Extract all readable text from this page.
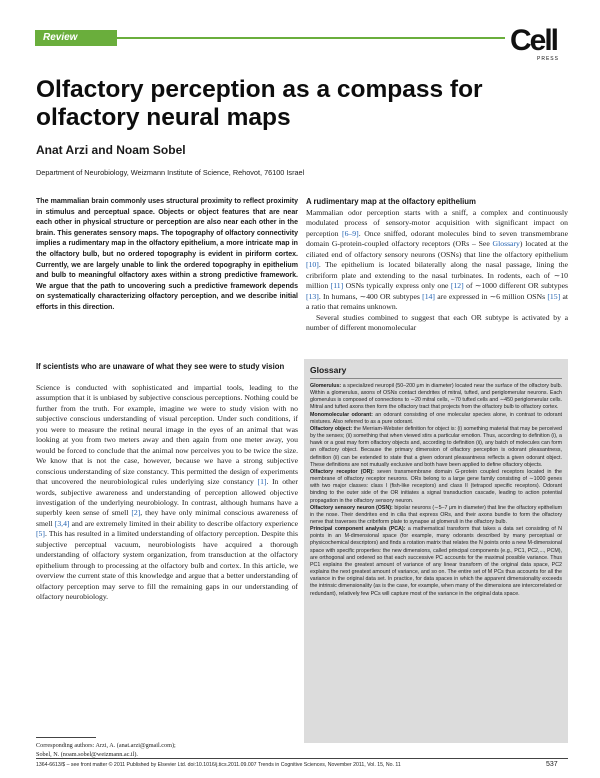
Review	Cell
PRESS
Olfactory perception as a compass for olfactory neural maps
Anat Arzi and Noam Sobel
Department of Neurobiology, Weizmann Institute of Science, Rehovot, 76100 Israel
The mammalian brain commonly uses structural proximity to reflect proximity in stimulus and perceptual space. Objects or object features that are near each other in physical structure or perception are also near each other in the brain. This generates sensory maps. The topography of olfactory connectivity implies a rudimentary map in the olfactory epithelium, a more intricate map in the olfactory bulb, but no ordered topography is evident in piriform cortex. Currently, we are largely unable to link the ordered topography in epithelium and bulb to meaningful olfactory axes within a strong predictive framework. We argue that the path to uncovering such a predictive framework depends on systematically characterizing olfactory perception, and we describe initial efforts in this direction.
If scientists who are unaware of what they see were to study vision
Science is conducted with sophisticated and impartial tools, leading to the assumption that it is unbiased by subjective conscious perceptions. Nothing could be further from the truth. For example, imagine we were to study vision with no subjective conscious understanding of visual perception. Under such conditions, if you were to measure the retinal neural image in the eyes of an animal that was looking at you from two meters away and then again from one meter away, you would be forced to conclude that the animal now perceives you to be twice the size. We know that is not the case, however, because we have a strong subjective conscious understanding of size constancy. This permitted the design of experiments that uncovered the neurobiological rules underlying size constancy [1]. In other words, subjective awareness and understanding of perception allowed objective investigation of the underlying neurobiology. In contrast, although humans have a superbly keen sense of smell [2], they have only minimal conscious awareness of smell [3,4] and are extremely limited in their ability to describe olfactory experience [5]. This has resulted in a limited understanding of olfactory perception. Despite this subjective perceptual vacuum, neurobiologists have acquired a thorough understanding of olfactory system organization, from transduction at the olfactory epithelium through to processing at the olfactory bulb and cortex. In this article, we overview the current state of this knowledge and argue that a better understanding of olfactory perception may serve to fill the remaining gaps in our understanding of olfactory neurobiology.
A rudimentary map at the olfactory epithelium
Mammalian odor perception starts with a sniff, a complex and continuously modulated process of sensory-motor acquisition with significant impact on perception [6–9]. Once sniffed, odorant molecules bind to seven transmembrane domain G-protein-coupled olfactory receptors (ORs – See Glossary) located at the ciliated end of olfactory sensory neurons (OSNs) that line the olfactory epithelium [10]. The epithelium is located bilaterally along the nasal passage, lining the cribriform plate and extending to the nasal turbinates. In rodents, each of ∼10 million [11] OSNs typically express only one [12] of ∼1000 different OR subtypes [13]. In humans, ∼400 OR subtypes [14] are expressed in ∼6 million OSNs [15] at a ratio that remains unknown.
Several studies combined to suggest that each OR subtype is activated by a number of different monomolecular
Glossary

Glomerulus: a specialized neuropil (50–200 μm in diameter) located near the surface of the olfactory bulb. Within a glomerulus, axons of OSNs contact dendrites of mitral, tufted, and periglomerular neurons. Each glomerulus is composed of connections to ∼20 mitral cells, ∼70 tufted cells and ∼450 periglomerular cells. Mitral and tufted axons then form the olfactory tract that projects from the olfactory bulb to olfactory cortex.

Monomolecular odorant: an odorant consisting of one molecular species alone, in contrast to odorant mixtures. Also referred to as a pure odorant.

Olfactory object: the Merriam-Webster definition for object is: (i) something material that may be perceived by the senses; (ii) something that when viewed stirs a particular emotion. Thus, according to definition (i), a hawk or a goat may form olfactory objects and, according to definition (ii), any batch of molecules can form an olfactory object. Because the primary dimension of olfactory perception is odorant pleasantness, definition (ii) can be extended to state that a given odorant pleasantness reflects a given odorant object. These definitions are not mutually exclusive and both have been applied to define olfactory objects.

Olfactory receptor (OR): seven transmembrane domain G-protein coupled receptors located in the membrane of olfactory receptor neurons. ORs belong to a large gene family consisting of ∼1000 genes with two major classes: class I (fish-like receptors) and class II (tetrapod specific receptors). Odorant binding to the outer side of the OR initiates a signal transduction cascade, leading to action potential propagation in the olfactory sensory neuron.

Olfactory sensory neuron (OSN): bipolar neurons (∼5–7 μm in diameter) that line the olfactory epithelium in the nose. Their dendrites end in cilia that express ORs, and their axons bundle to form the olfactory nerve that traverses the cribriform plate to synapse at glomeruli in the olfactory bulb.

Principal component analysis (PCA): a mathematical transform that takes a data set consisting of N points in an M-dimensional space (for example, many odorants described by many perceptual or physicochemical descriptors) and finds a rotation matrix that relates the N points onto a new M-dimensional space with specific properties: the new dimensions, called principal components (e.g., PC1, PC2,..., PCM), are orthogonal and ordered so that each successive PC accounts for the maximal possible variance. Thus PC1 explains the greatest amount of variance of any linear transform of the original data space, PC2 explains the next greatest amount of variance, and so on. The entire set of M PCs thus accounts for all the variance in the original data set. In practice, for data spaces in which the apparent dimensionality exceeds the intrinsic dimensionality (as is the case, for example, when many of the dimensions are intercorrelated or redundant), relatively few PCs will capture most of the variance in the original data space.

Corresponding authors: Arzi, A. (anat.arzi@gmail.com);
Sobel, N. (noam.sobel@weizmann.ac.il).
1364-6613/$ – see front matter © 2011 Published by Elsevier Ltd. doi:10.1016/j.tics.2011.09.007 Trends in Cognitive Sciences, November 2011, Vol. 15, No. 11	537
